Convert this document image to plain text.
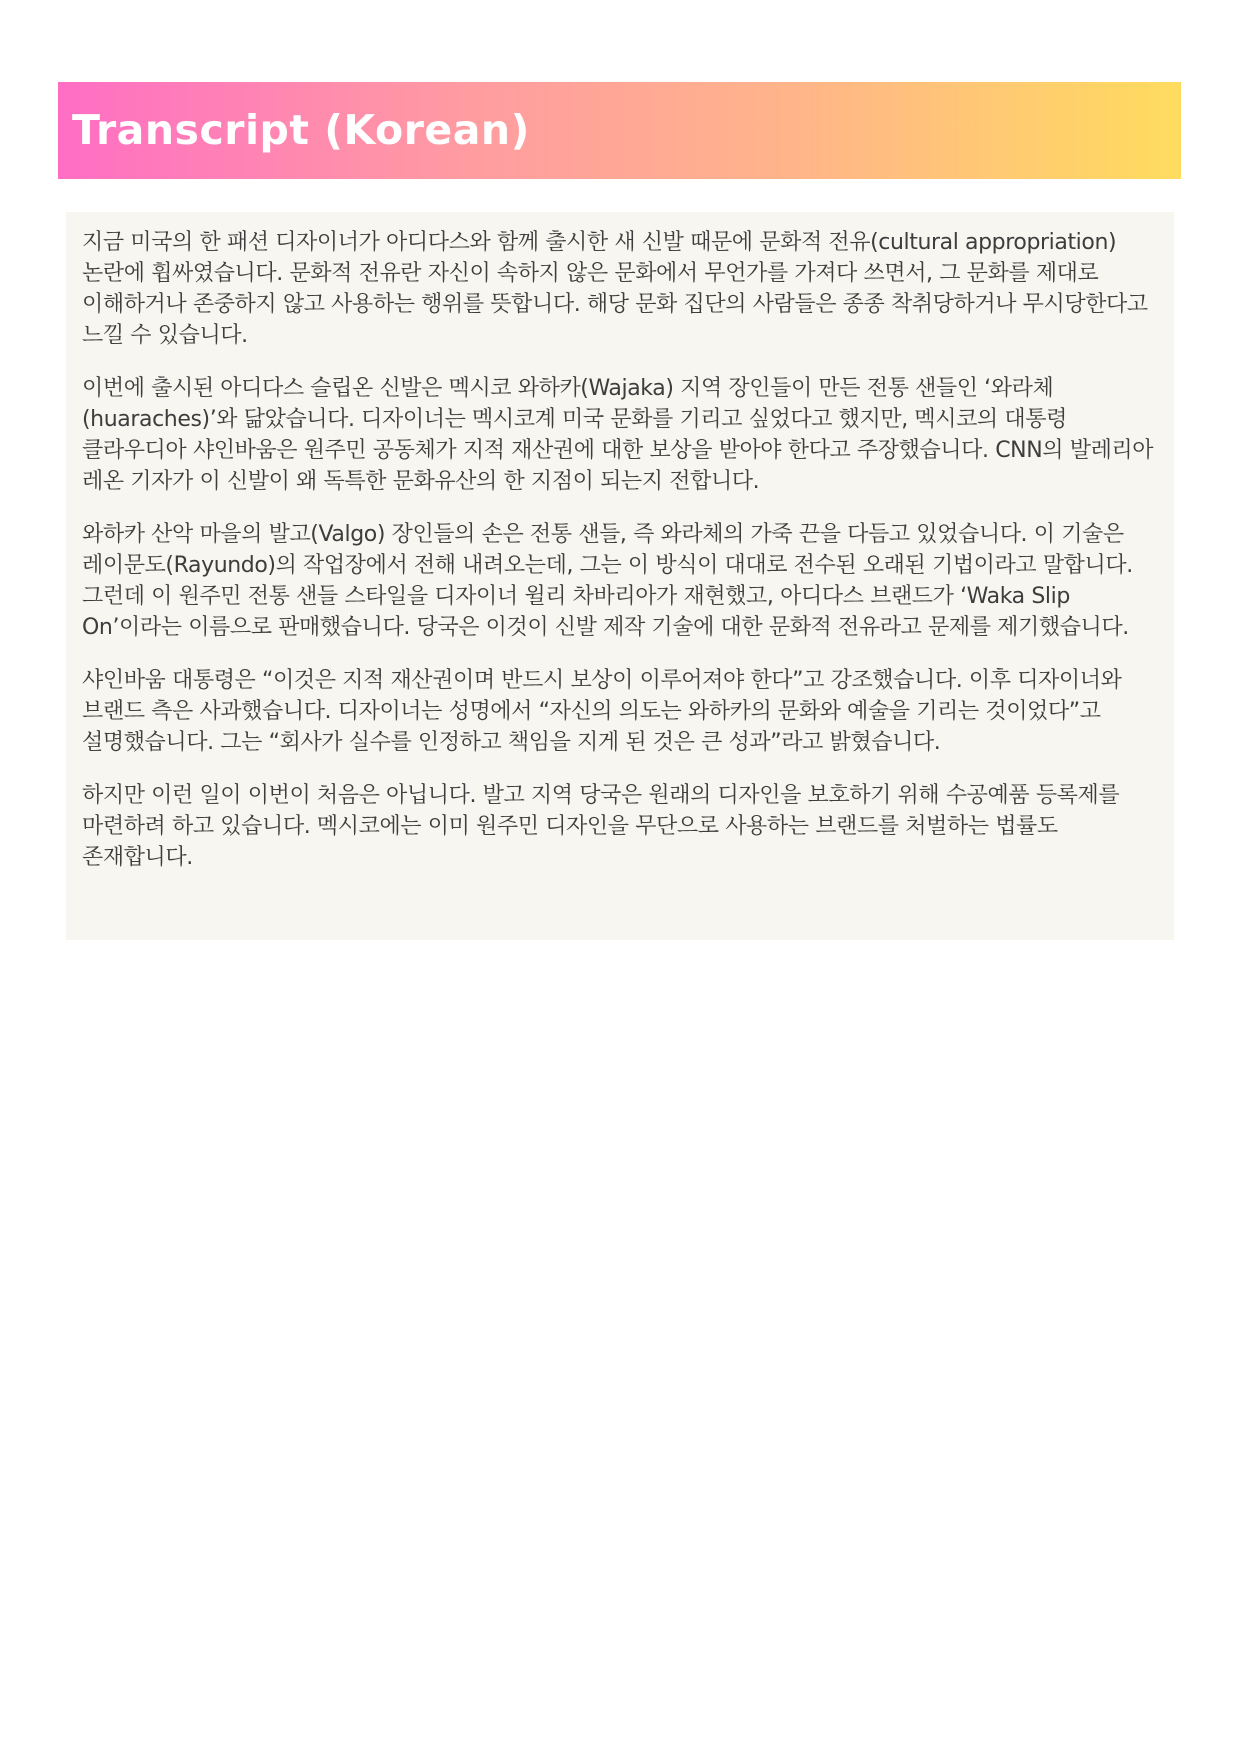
Transcript (Korean)

지금 미국의 한 패션 디자이너가 아디다스와 함께 출시한 새 신발 때문에 문화적 전유(cultural appropriation) 논란에 휩싸였습니다. 문화적 전유란 자신이 속하지 않은 문화에서 무언가를 가져다 쓰면서, 그 문화를 제대로 이해하거나 존중하지 않고 사용하는 행위를 뜻합니다. 해당 문화 집단의 사람들은 종종 착취당하거나 무시당한다고 느낄 수 있습니다.

이번에 출시된 아디다스 슬립온 신발은 멕시코 와하카(Wajaka) 지역 장인들이 만든 전통 샌들인 ‘와라체(huaraches)’와 닮았습니다. 디자이너는 멕시코계 미국 문화를 기리고 싶었다고 했지만, 멕시코의 대통령 클라우디아 샤인바움은 원주민 공동체가 지적 재산권에 대한 보상을 받아야 한다고 주장했습니다. CNN의 발레리아 레온 기자가 이 신발이 왜 독특한 문화유산의 한 지점이 되는지 전합니다.

와하카 산악 마을의 발고(Valgo) 장인들의 손은 전통 샌들, 즉 와라체의 가죽 끈을 다듬고 있었습니다. 이 기술은 레이문도(Rayundo)의 작업장에서 전해 내려오는데, 그는 이 방식이 대대로 전수된 오래된 기법이라고 말합니다. 그런데 이 원주민 전통 샌들 스타일을 디자이너 윌리 차바리아가 재현했고, 아디다스 브랜드가 ‘Waka Slip On’이라는 이름으로 판매했습니다. 당국은 이것이 신발 제작 기술에 대한 문화적 전유라고 문제를 제기했습니다.

샤인바움 대통령은 “이것은 지적 재산권이며 반드시 보상이 이루어져야 한다”고 강조했습니다. 이후 디자이너와 브랜드 측은 사과했습니다. 디자이너는 성명에서 “자신의 의도는 와하카의 문화와 예술을 기리는 것이었다”고 설명했습니다. 그는 “회사가 실수를 인정하고 책임을 지게 된 것은 큰 성과”라고 밝혔습니다.

하지만 이런 일이 이번이 처음은 아닙니다. 발고 지역 당국은 원래의 디자인을 보호하기 위해 수공예품 등록제를 마련하려 하고 있습니다. 멕시코에는 이미 원주민 디자인을 무단으로 사용하는 브랜드를 처벌하는 법률도 존재합니다.
